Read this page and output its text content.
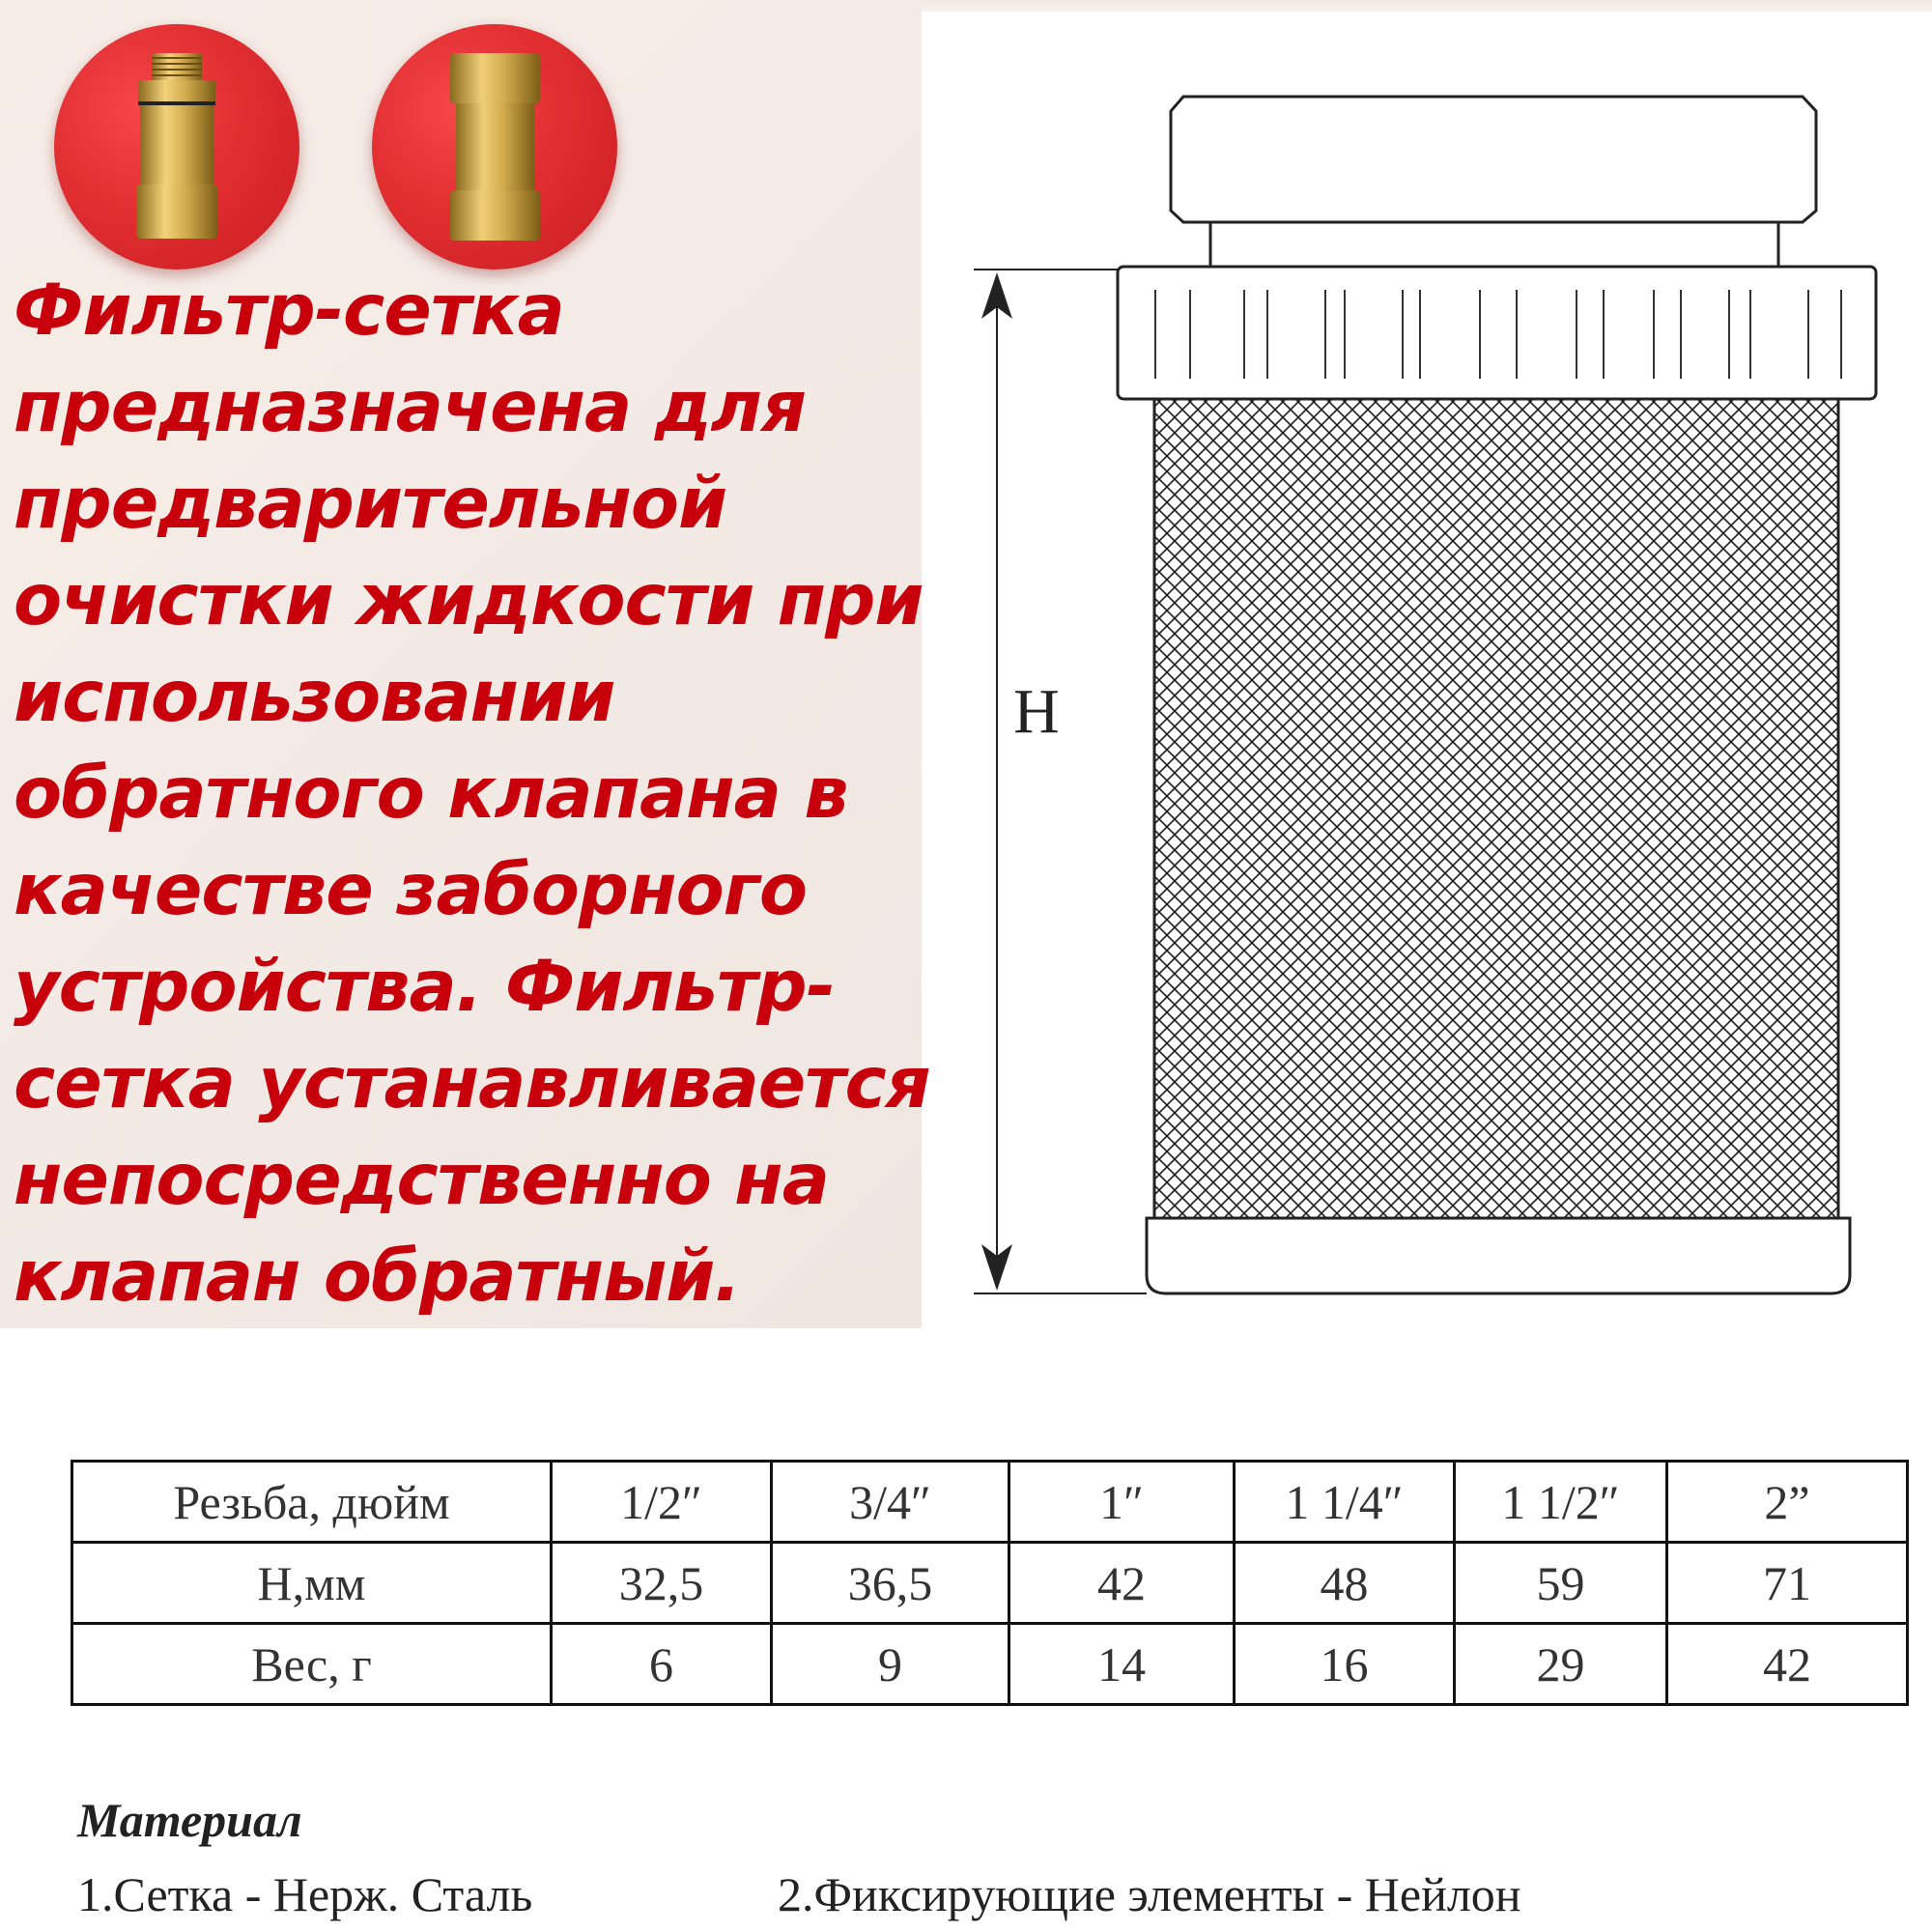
Фильтр-сетка предназначена для предварительной очистки жидкости при использовании обратного клапана в качестве заборного устройства. Фильтр-сетка устанавливается непосредственно на клапан обратный.

H
Резьба, дюйм	1/2″	3/4″	1″	1 1/4″	1 1/2″	2”
H,мм	32,5	36,5	42	48	59	71
Вес, г	6	9	14	16	29	42
Материал
1.Сетка - Нерж. Сталь	2.Фиксирующие элементы - Нейлон
